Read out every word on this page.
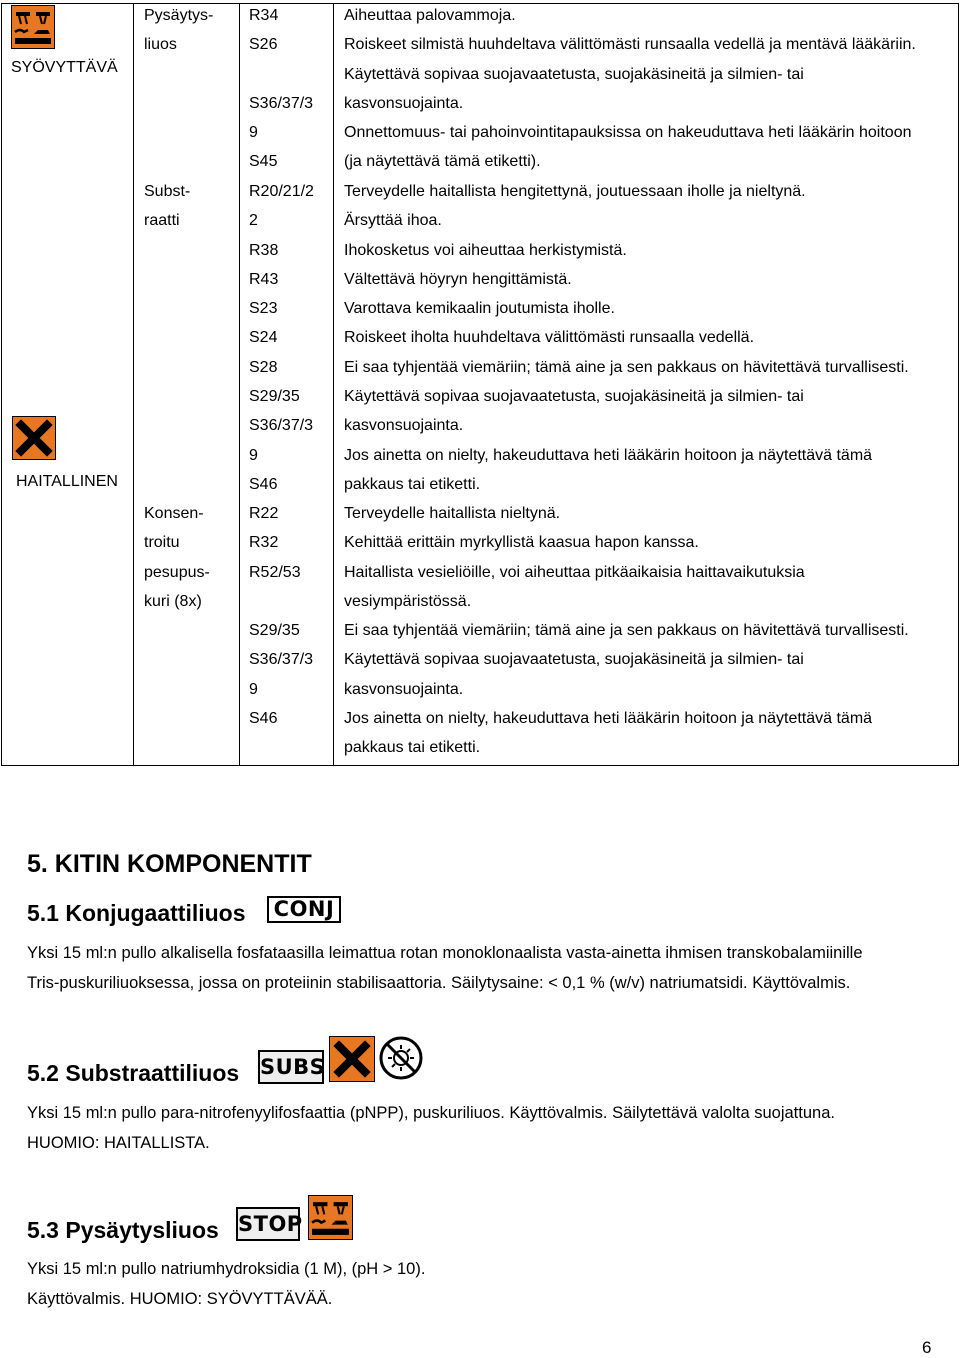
SYÖVYTTÄVÄ
HAITALLINEN
Pysäytys-
liuos
R34
S26
S36/37/3
9
S45
Aiheuttaa palovammoja.
Roiskeet silmistä huuhdeltava välittömästi runsaalla vedellä ja mentävä lääkäriin.
Käytettävä sopivaa suojavaatetusta, suojakäsineitä ja silmien- tai
kasvonsuojainta.
Onnettomuus- tai pahoinvointitapauksissa on hakeuduttava heti lääkärin hoitoon
(ja näytettävä tämä etiketti).
Subst-
raatti
R20/21/2
2
R38
R43
S23
S24
S28
S29/35
S36/37/3
9
S46
Terveydelle haitallista hengitettynä, joutuessaan iholle ja nieltynä.
Ärsyttää ihoa.
Ihokosketus voi aiheuttaa herkistymistä.
Vältettävä höyryn hengittämistä.
Varottava kemikaalin joutumista iholle.
Roiskeet iholta huuhdeltava välittömästi runsaalla vedellä.
Ei saa tyhjentää viemäriin; tämä aine ja sen pakkaus on hävitettävä turvallisesti.
Käytettävä sopivaa suojavaatetusta, suojakäsineitä ja silmien- tai
kasvonsuojainta.
Jos ainetta on nielty, hakeuduttava heti lääkärin hoitoon ja näytettävä tämä
pakkaus tai etiketti.
Konsen-
troitu
pesupus-
kuri (8x)
R22
R32
R52/53
S29/35
S36/37/3
9
S46
Terveydelle haitallista nieltynä.
Kehittää erittäin myrkyllistä kaasua hapon kanssa.
Haitallista vesieliöille, voi aiheuttaa pitkäaikaisia haittavaikutuksia
vesiympäristössä.
Ei saa tyhjentää viemäriin; tämä aine ja sen pakkaus on hävitettävä turvallisesti.
Käytettävä sopivaa suojavaatetusta, suojakäsineitä ja silmien- tai
kasvonsuojainta.
Jos ainetta on nielty, hakeuduttava heti lääkärin hoitoon ja näytettävä tämä
pakkaus tai etiketti.
5. KITIN KOMPONENTIT
5.1 Konjugaattiliuos	CONJ
Yksi 15 ml:n pullo alkalisella fosfataasilla leimattua rotan monoklonaalista vasta-ainetta ihmisen transkobalamiinille
Tris-puskuriliuoksessa, jossa on proteiinin stabilisaattoria. Säilytysaine: < 0,1 % (w/v) natriumatsidi. Käyttövalmis.
5.2 Substraattiliuos SUBS
Yksi 15 ml:n pullo para-nitrofenyylifosfaattia (pNPP), puskuriliuos. Käyttövalmis. Säilytettävä valolta suojattuna.
HUOMIO: HAITALLISTA.
5.3 Pysäytysliuos STOP
Yksi 15 ml:n pullo natriumhydroksidia (1 M), (pH > 10).
Käyttövalmis. HUOMIO: SYÖVYTTÄVÄÄ.
6
